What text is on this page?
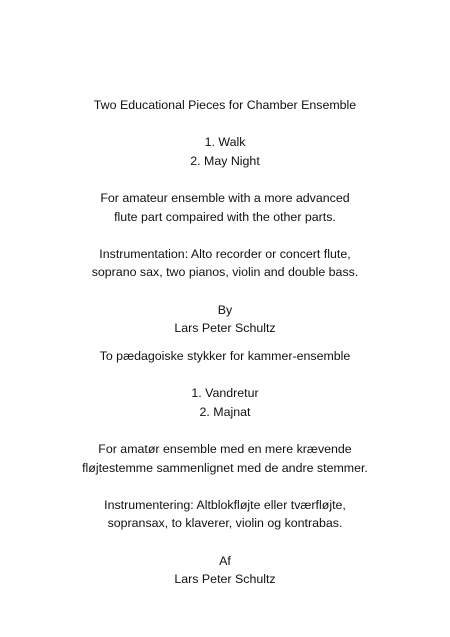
Two Educational Pieces for Chamber Ensemble

1. Walk

2. May Night

For amateur ensemble with a more advanced

flute part compaired with the other parts.

Instrumentation: Alto recorder or concert flute,

soprano sax, two pianos, violin and double bass.

By

Lars Peter Schultz

To pædagoiske stykker for kammer-ensemble

1. Vandretur

2. Majnat

For amatør ensemble med en mere krævende

fløjtestemme sammenlignet med de andre stemmer.

Instrumentering: Altblokfløjte eller tværfløjte,

sopransax, to klaverer, violin og kontrabas.

Af

Lars Peter Schultz
